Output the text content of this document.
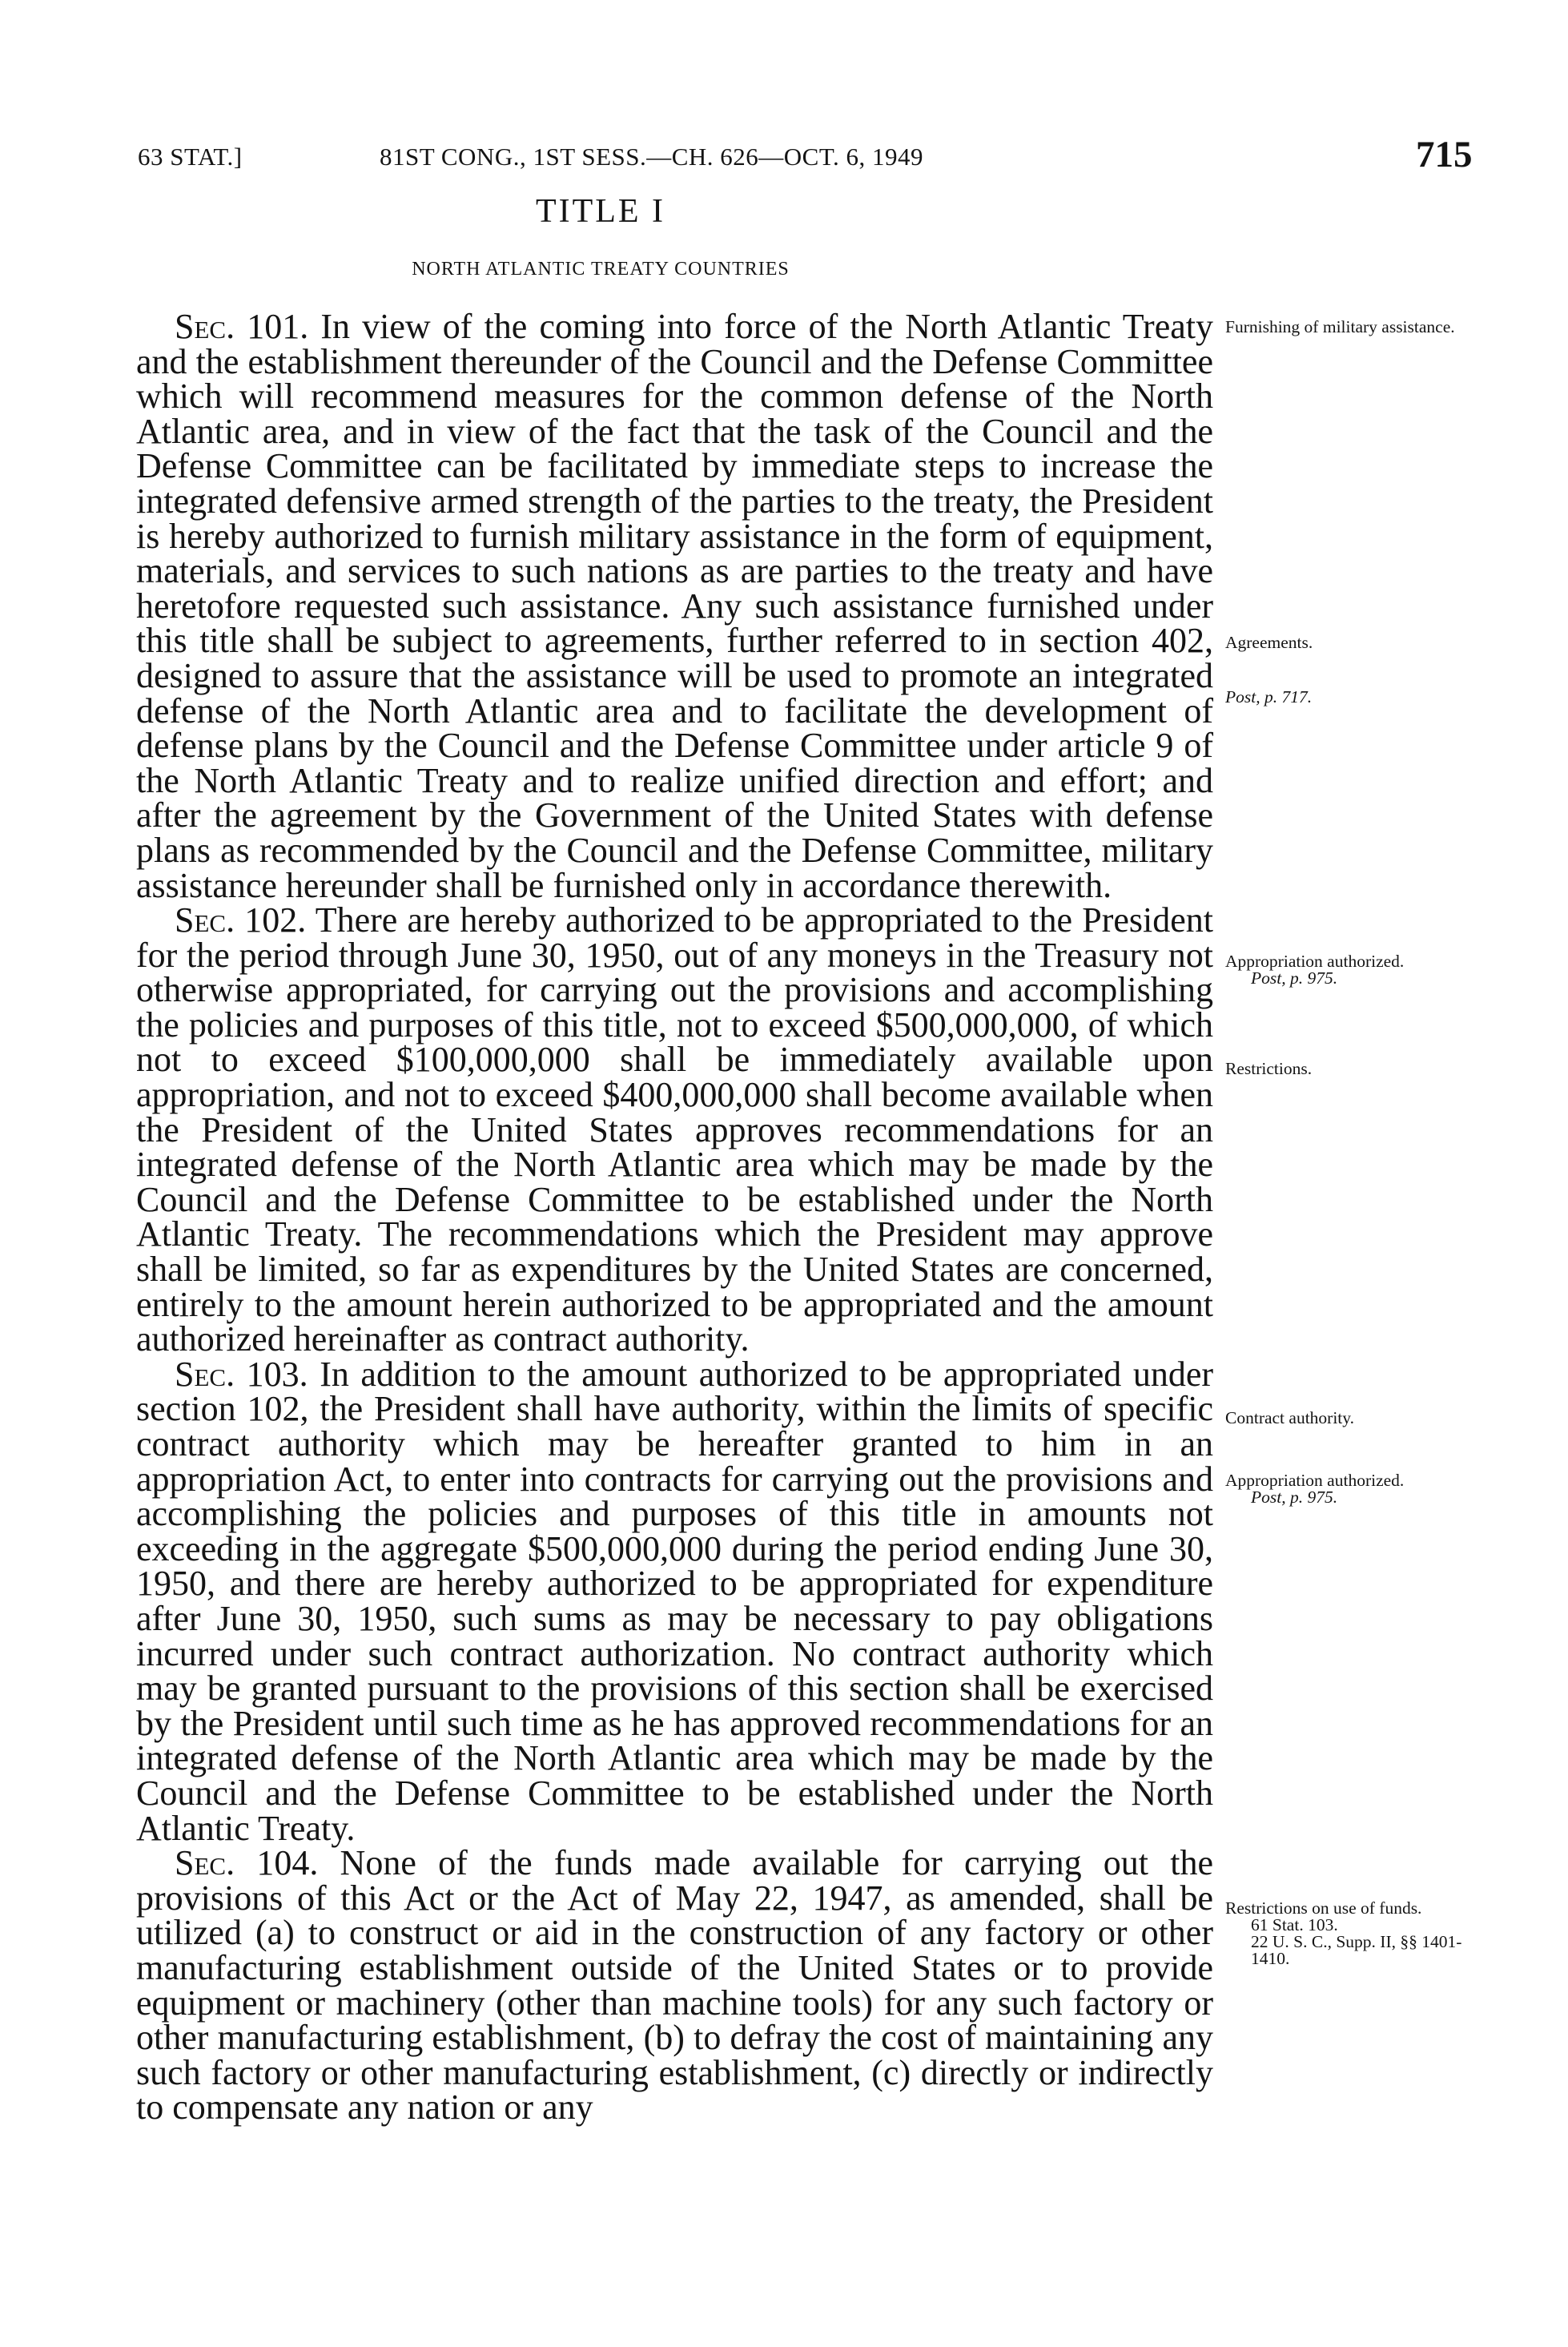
63 STAT.]	81ST CONG., 1ST SESS.—CH. 626—OCT. 6, 1949	715
TITLE I
NORTH ATLANTIC TREATY COUNTRIES

Sec. 101. In view of the coming into force of the North Atlantic Treaty and the establishment thereunder of the Council and the Defense Committee which will recommend measures for the common defense of the North Atlantic area, and in view of the fact that the task of the Council and the Defense Committee can be facilitated by immediate steps to increase the integrated defensive armed strength of the parties to the treaty, the President is hereby authorized to furnish military assistance in the form of equipment, materials, and services to such nations as are parties to the treaty and have heretofore requested such assistance. Any such assistance furnished under this title shall be subject to agreements, further referred to in section 402, designed to assure that the assistance will be used to promote an integrated defense of the North Atlantic area and to facilitate the development of defense plans by the Council and the Defense Committee under article 9 of the North Atlantic Treaty and to realize unified direction and effort; and after the agreement by the Government of the United States with defense plans as recommended by the Council and the Defense Committee, military assistance hereunder shall be furnished only in accordance therewith.

Sec. 102. There are hereby authorized to be appropriated to the President for the period through June 30, 1950, out of any moneys in the Treasury not otherwise appropriated, for carrying out the provisions and accomplishing the policies and purposes of this title, not to exceed $500,000,000, of which not to exceed $100,000,000 shall be immediately available upon appropriation, and not to exceed $400,000,000 shall become available when the President of the United States approves recommendations for an integrated defense of the North Atlantic area which may be made by the Council and the Defense Committee to be established under the North Atlantic Treaty. The recommendations which the President may approve shall be limited, so far as expenditures by the United States are concerned, entirely to the amount herein authorized to be appropriated and the amount authorized hereinafter as contract authority.

Sec. 103. In addition to the amount authorized to be appropriated under section 102, the President shall have authority, within the limits of specific contract authority which may be hereafter granted to him in an appropriation Act, to enter into contracts for carrying out the provisions and accomplishing the policies and purposes of this title in amounts not exceeding in the aggregate $500,000,000 during the period ending June 30, 1950, and there are hereby authorized to be appropriated for expenditure after June 30, 1950, such sums as may be necessary to pay obligations incurred under such contract authorization. No contract authority which may be granted pursuant to the provisions of this section shall be exercised by the President until such time as he has approved recommendations for an integrated defense of the North Atlantic area which may be made by the Council and the Defense Committee to be established under the North Atlantic Treaty.

Sec. 104. None of the funds made available for carrying out the provisions of this Act or the Act of May 22, 1947, as amended, shall be utilized (a) to construct or aid in the construction of any factory or other manufacturing establishment outside of the United States or to provide equipment or machinery (other than machine tools) for any such factory or other manufacturing establishment, (b) to defray the cost of maintaining any such factory or other manufacturing establishment, (c) directly or indirectly to compensate any nation or any

Furnishing of military assistance.
Agreements.
Post, p. 717.
Appropriation authorized.
Post, p. 975.
Restrictions.
Contract authority.
Appropriation authorized.
Post, p. 975.
Restrictions on use of funds.
61 Stat. 103.
22 U. S. C., Supp. II, §§ 1401-1410.
